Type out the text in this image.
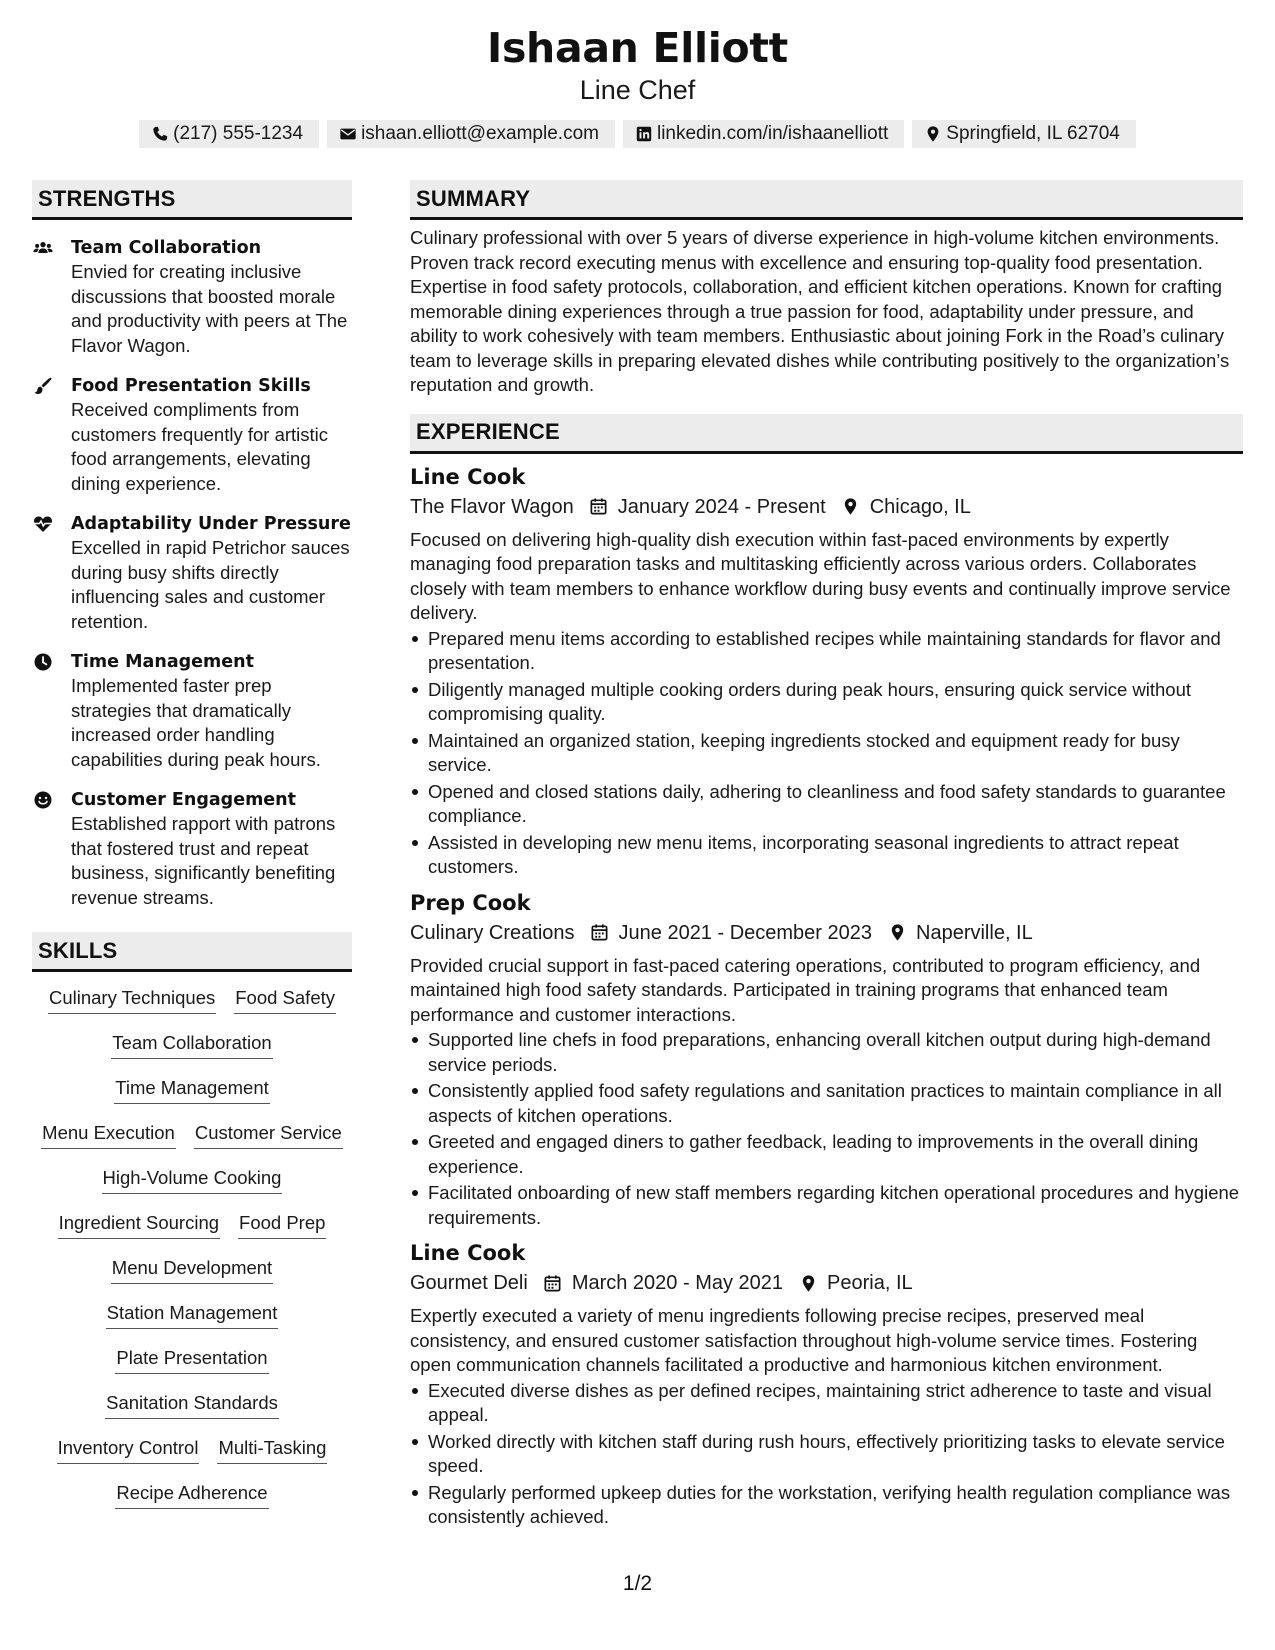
Ishaan Elliott
Line Chef
(217) 555-1234	ishaan.elliott@example.com	linkedin.com/in/ishaanelliott	Springfield, IL 62704
STRENGTHS
Team Collaboration
Envied for creating inclusive discussions that boosted morale and productivity with peers at The Flavor Wagon.
Food Presentation Skills
Received compliments from customers frequently for artistic food arrangements, elevating dining experience.
Adaptability Under Pressure
Excelled in rapid Petrichor sauces during busy shifts directly influencing sales and customer retention.
Time Management
Implemented faster prep strategies that dramatically increased order handling capabilities during peak hours.
Customer Engagement
Established rapport with patrons that fostered trust and repeat business, significantly benefiting revenue streams.
SKILLS
Culinary Techniques Food Safety
Team Collaboration
Time Management
Menu Execution Customer Service
High-Volume Cooking
Ingredient Sourcing Food Prep
Menu Development
Station Management
Plate Presentation
Sanitation Standards
Inventory Control Multi-Tasking
Recipe Adherence
SUMMARY
Culinary professional with over 5 years of diverse experience in high-volume kitchen environments. Proven track record executing menus with excellence and ensuring top-quality food presentation. Expertise in food safety protocols, collaboration, and efficient kitchen operations. Known for crafting memorable dining experiences through a true passion for food, adaptability under pressure, and ability to work cohesively with team members. Enthusiastic about joining Fork in the Road’s culinary team to leverage skills in preparing elevated dishes while contributing positively to the organization’s reputation and growth.
EXPERIENCE
Line Cook
The Flavor Wagon January 2024 - Present Chicago, IL
Focused on delivering high-quality dish execution within fast-paced environments by expertly managing food preparation tasks and multitasking efficiently across various orders. Collaborates closely with team members to enhance workflow during busy events and continually improve service delivery.
Prepared menu items according to established recipes while maintaining standards for flavor and presentation.
Diligently managed multiple cooking orders during peak hours, ensuring quick service without compromising quality.
Maintained an organized station, keeping ingredients stocked and equipment ready for busy service.
Opened and closed stations daily, adhering to cleanliness and food safety standards to guarantee compliance.
Assisted in developing new menu items, incorporating seasonal ingredients to attract repeat customers.
Prep Cook
Culinary Creations June 2021 - December 2023 Naperville, IL
Provided crucial support in fast-paced catering operations, contributed to program efficiency, and maintained high food safety standards. Participated in training programs that enhanced team performance and customer interactions.
Supported line chefs in food preparations, enhancing overall kitchen output during high-demand service periods.
Consistently applied food safety regulations and sanitation practices to maintain compliance in all aspects of kitchen operations.
Greeted and engaged diners to gather feedback, leading to improvements in the overall dining experience.
Facilitated onboarding of new staff members regarding kitchen operational procedures and hygiene requirements.
Line Cook
Gourmet Deli March 2020 - May 2021 Peoria, IL
Expertly executed a variety of menu ingredients following precise recipes, preserved meal consistency, and ensured customer satisfaction throughout high-volume service times. Fostering open communication channels facilitated a productive and harmonious kitchen environment.
Executed diverse dishes as per defined recipes, maintaining strict adherence to taste and visual appeal.
Worked directly with kitchen staff during rush hours, effectively prioritizing tasks to elevate service speed.
Regularly performed upkeep duties for the workstation, verifying health regulation compliance was consistently achieved.
1/2
